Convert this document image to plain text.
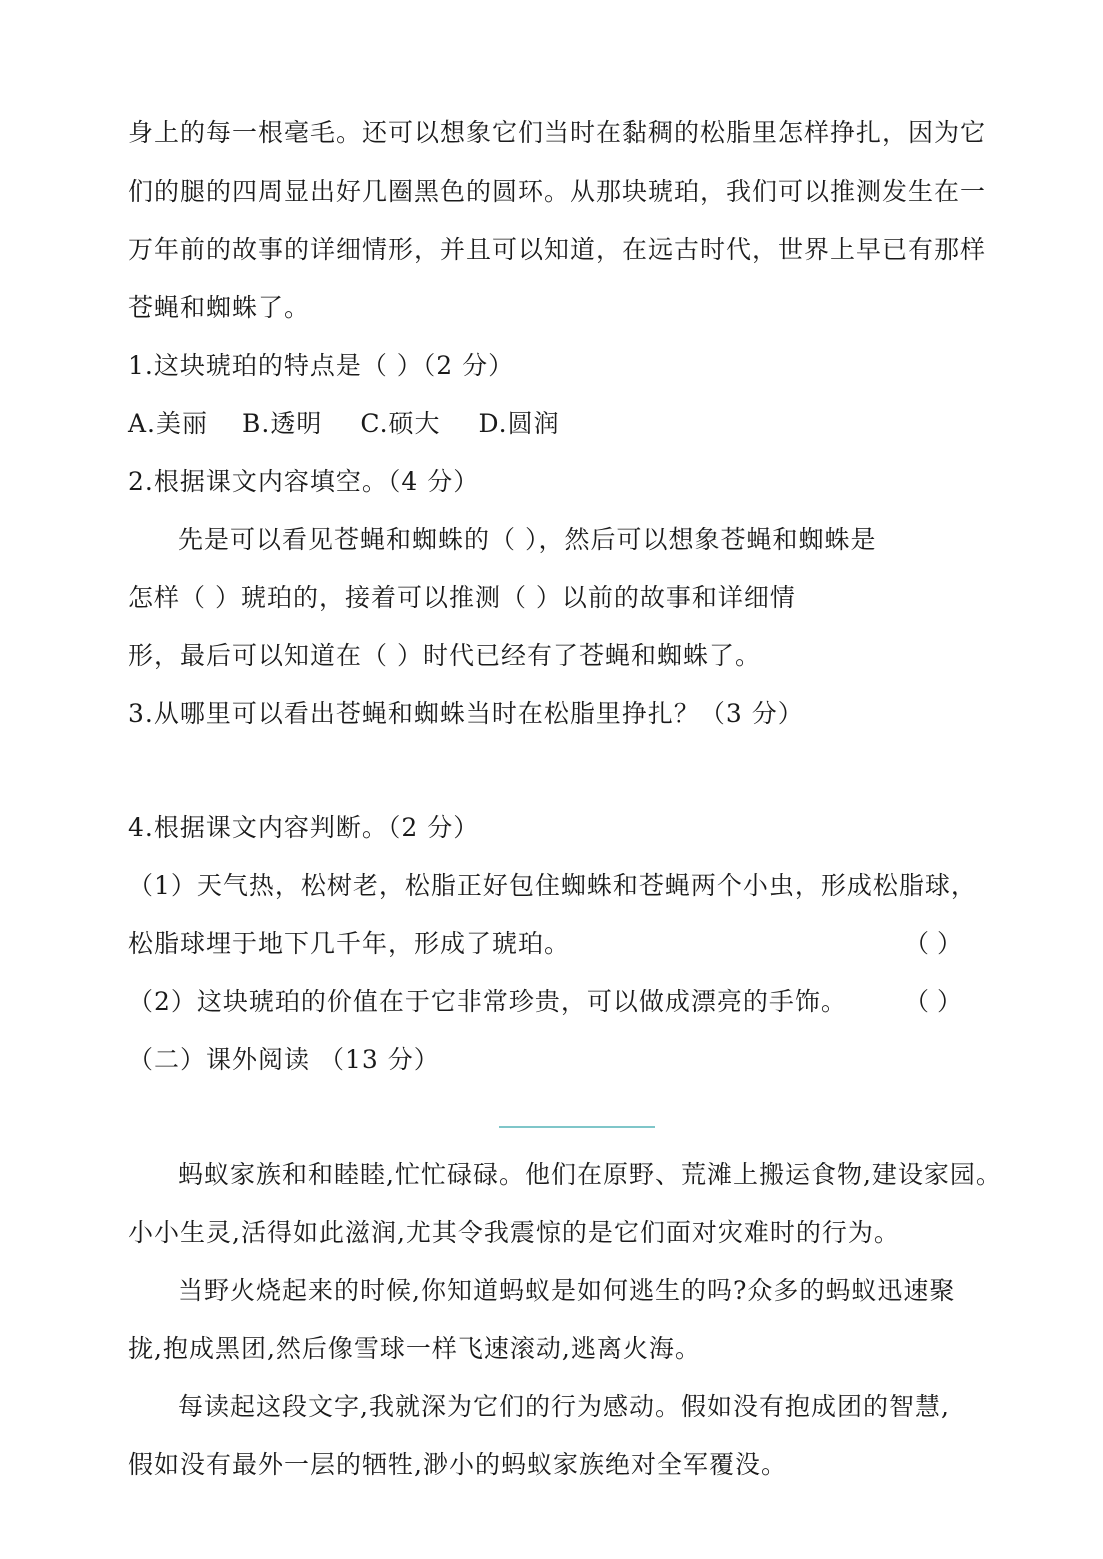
身上的每一根毫毛。还可以想象它们当时在黏稠的松脂里怎样挣扎，因为它
们的腿的四周显出好几圈黑色的圆环。从那块琥珀，我们可以推测发生在一
万年前的故事的详细情形，并且可以知道，在远古时代，世界上早已有那样
苍蝇和蜘蛛了。
1.这块琥珀的特点是（ ）（2 分）
A.美丽 B.透明 C.硕大 D.圆润
2.根据课文内容填空。（4 分）
先是可以看见苍蝇和蜘蛛的（ ），然后可以想象苍蝇和蜘蛛是
怎样（ ）琥珀的，接着可以推测（ ）以前的故事和详细情
形，最后可以知道在（ ）时代已经有了苍蝇和蜘蛛了。
3.从哪里可以看出苍蝇和蜘蛛当时在松脂里挣扎？（3 分）
4.根据课文内容判断。（2 分）
（1）天气热，松树老，松脂正好包住蜘蛛和苍蝇两个小虫，形成松脂球，
松脂球埋于地下几千年，形成了琥珀。	（ ）
（2）这块琥珀的价值在于它非常珍贵，可以做成漂亮的手饰。 （ ）
（二）课外阅读 （13 分）
蚂蚁家族和和睦睦,忙忙碌碌。他们在原野、荒滩上搬运食物,建设家园。
小小生灵,活得如此滋润,尤其令我震惊的是它们面对灾难时的行为。
当野火烧起来的时候,你知道蚂蚁是如何逃生的吗?众多的蚂蚁迅速聚
拢,抱成黑团,然后像雪球一样飞速滚动,逃离火海。
每读起这段文字,我就深为它们的行为感动。假如没有抱成团的智慧,
假如没有最外一层的牺牲,渺小的蚂蚁家族绝对全军覆没。
